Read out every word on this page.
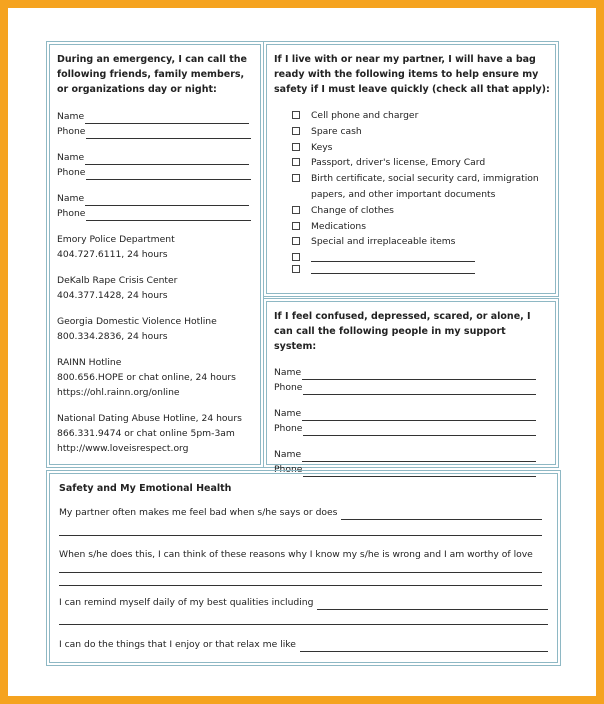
During an emergency, I can call the following friends, family members, or organizations day or night:
Name
Phone
Name
Phone
Name
Phone
Emory Police Department
404.727.6111, 24 hours
DeKalb Rape Crisis Center
404.377.1428, 24 hours
Georgia Domestic Violence Hotline
800.334.2836, 24 hours
RAINN Hotline
800.656.HOPE or chat online, 24 hours
https://ohl.rainn.org/online
National Dating Abuse Hotline, 24 hours
866.331.9474 or chat online 5pm-3am
http://www.loveisrespect.org
If I live with or near my partner, I will have a bag ready with the following items to help ensure my safety if I must leave quickly (check all that apply):
Cell phone and charger
Spare cash
Keys
Passport, driver's license, Emory Card
Birth certificate, social security card, immigration
papers, and other important documents
Change of clothes
Medications
Special and irreplaceable items
If I feel confused, depressed, scared, or alone, I can call the following people in my support system:
Name
Phone
Name
Phone
Name
Phone
Safety and My Emotional Health
My partner often makes me feel bad when s/he says or does
When s/he does this, I can think of these reasons why I know my s/he is wrong and I am worthy of love
I can remind myself daily of my best qualities including
I can do the things that I enjoy or that relax me like
